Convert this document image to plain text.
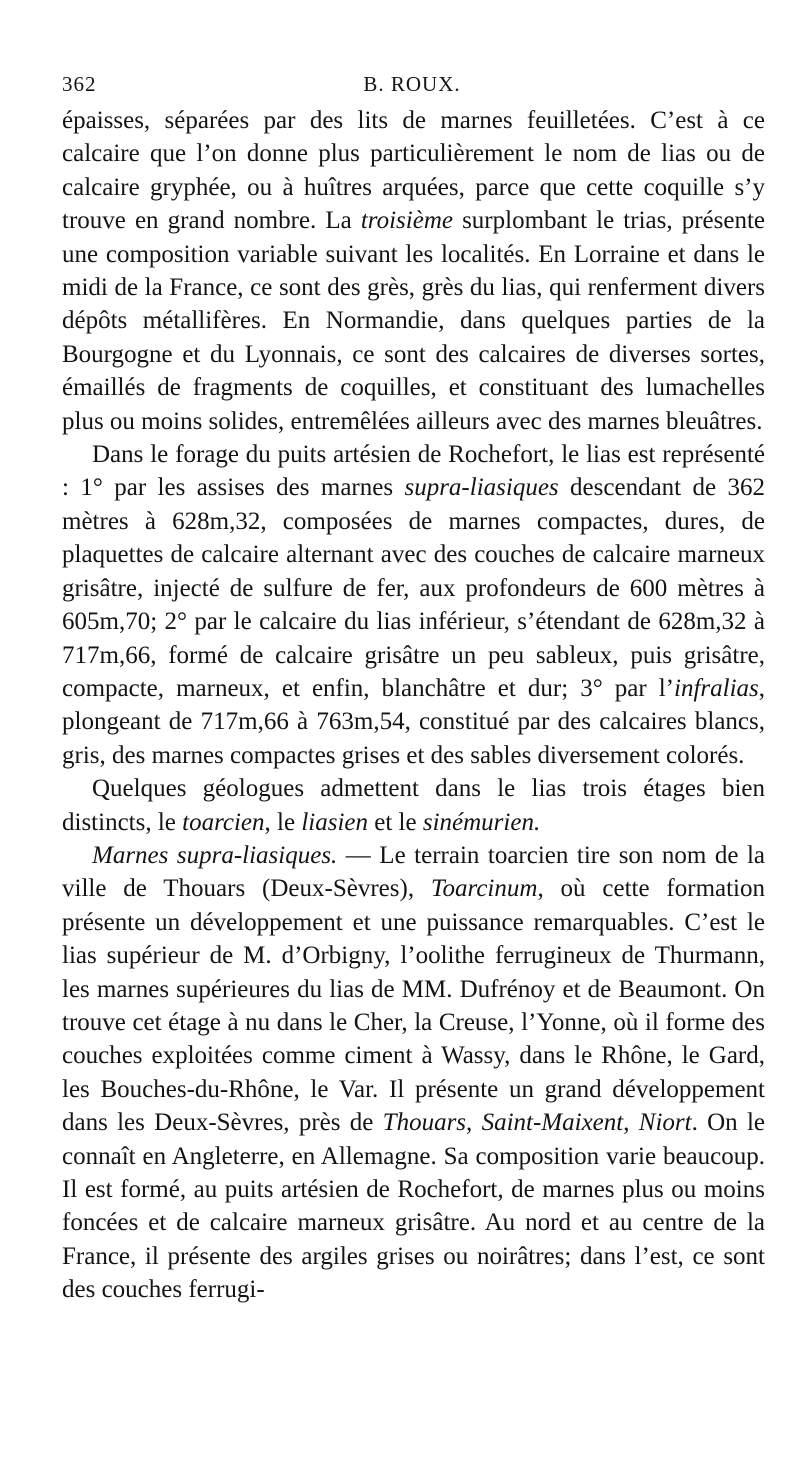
362	B. ROUX.

épaisses, séparées par des lits de marnes feuilletées. C’est à ce calcaire que l’on donne plus particulièrement le nom de lias ou de calcaire gryphée, ou à huîtres arquées, parce que cette coquille s’y trouve en grand nombre. La troisième surplombant le trias, présente une composition variable suivant les localités. En Lorraine et dans le midi de la France, ce sont des grès, grès du lias, qui renferment divers dépôts métallifères. En Normandie, dans quelques parties de la Bourgogne et du Lyonnais, ce sont des calcaires de diverses sortes, émaillés de fragments de coquilles, et constituant des lumachelles plus ou moins solides, entremêlées ailleurs avec des marnes bleuâtres.

Dans le forage du puits artésien de Rochefort, le lias est représenté : 1° par les assises des marnes supra-liasiques descendant de 362 mètres à 628m,32, composées de marnes compactes, dures, de plaquettes de calcaire alternant avec des couches de calcaire marneux grisâtre, injecté de sulfure de fer, aux profondeurs de 600 mètres à 605m,70; 2° par le calcaire du lias inférieur, s’étendant de 628m,32 à 717m,66, formé de calcaire grisâtre un peu sableux, puis grisâtre, compacte, marneux, et enfin, blanchâtre et dur; 3° par l’infralias, plongeant de 717m,66 à 763m,54, constitué par des calcaires blancs, gris, des marnes compactes grises et des sables diversement colorés.

Quelques géologues admettent dans le lias trois étages bien distincts, le toarcien, le liasien et le sinémurien.

Marnes supra-liasiques. — Le terrain toarcien tire son nom de la ville de Thouars (Deux-Sèvres), Toarcinum, où cette formation présente un développement et une puissance remarquables. C’est le lias supérieur de M. d’Orbigny, l’oolithe ferrugineux de Thurmann, les marnes supérieures du lias de MM. Dufrénoy et de Beaumont. On trouve cet étage à nu dans le Cher, la Creuse, l’Yonne, où il forme des couches exploitées comme ciment à Wassy, dans le Rhône, le Gard, les Bouches-du-Rhône, le Var. Il présente un grand développement dans les Deux-Sèvres, près de Thouars, Saint-Maixent, Niort. On le connaît en Angleterre, en Allemagne. Sa composition varie beaucoup. Il est formé, au puits artésien de Rochefort, de marnes plus ou moins foncées et de calcaire marneux grisâtre. Au nord et au centre de la France, il présente des argiles grises ou noirâtres; dans l’est, ce sont des couches ferrugi-
